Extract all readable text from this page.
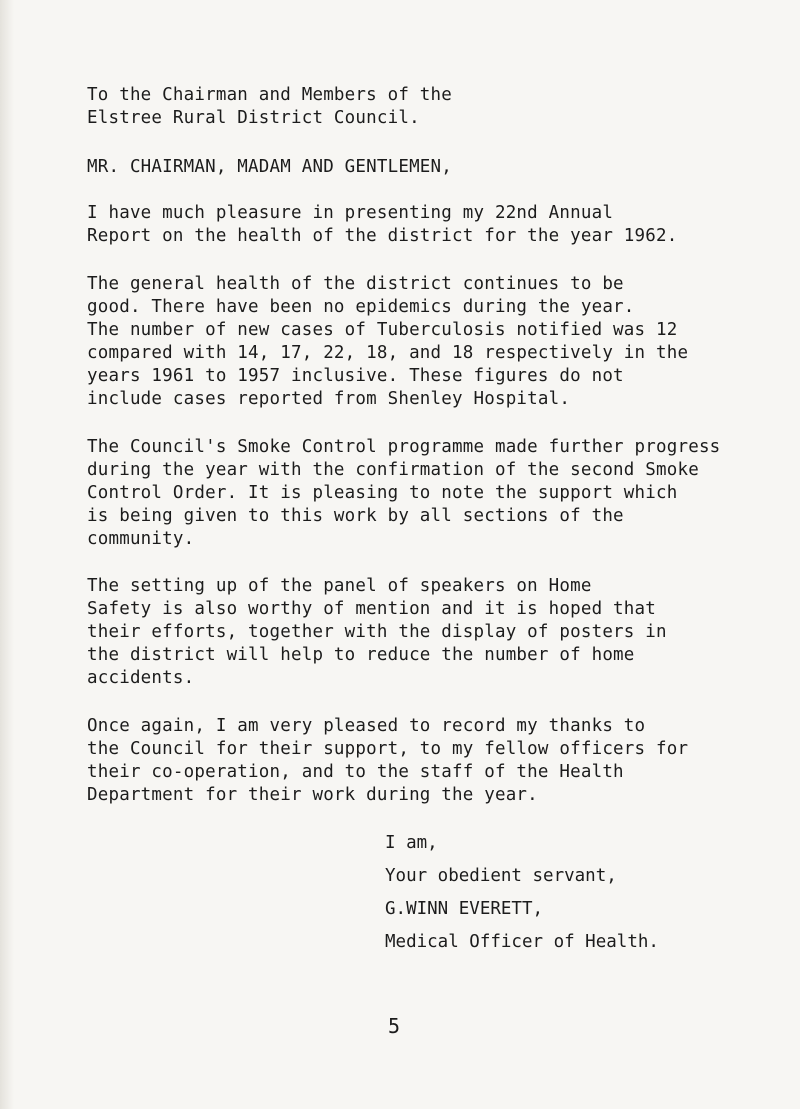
To the Chairman and Members of the
Elstree Rural District Council.
MR. CHAIRMAN, MADAM AND GENTLEMEN,
I have much pleasure in presenting my 22nd Annual
Report on the health of the district for the year 1962.
The general health of the district continues to be
good. There have been no epidemics during the year.
The number of new cases of Tuberculosis notified was 12
compared with 14, 17, 22, 18, and 18 respectively in the
years 1961 to 1957 inclusive. These figures do not
include cases reported from Shenley Hospital.
The Council's Smoke Control programme made further progress
during the year with the confirmation of the second Smoke
Control Order. It is pleasing to note the support which
is being given to this work by all sections of the
community.
The setting up of the panel of speakers on Home
Safety is also worthy of mention and it is hoped that
their efforts, together with the display of posters in
the district will help to reduce the number of home
accidents.
Once again, I am very pleased to record my thanks to
the Council for their support, to my fellow officers for
their co-operation, and to the staff of the Health
Department for their work during the year.
I am,
Your obedient servant,
G.WINN EVERETT,
Medical Officer of Health.
5
